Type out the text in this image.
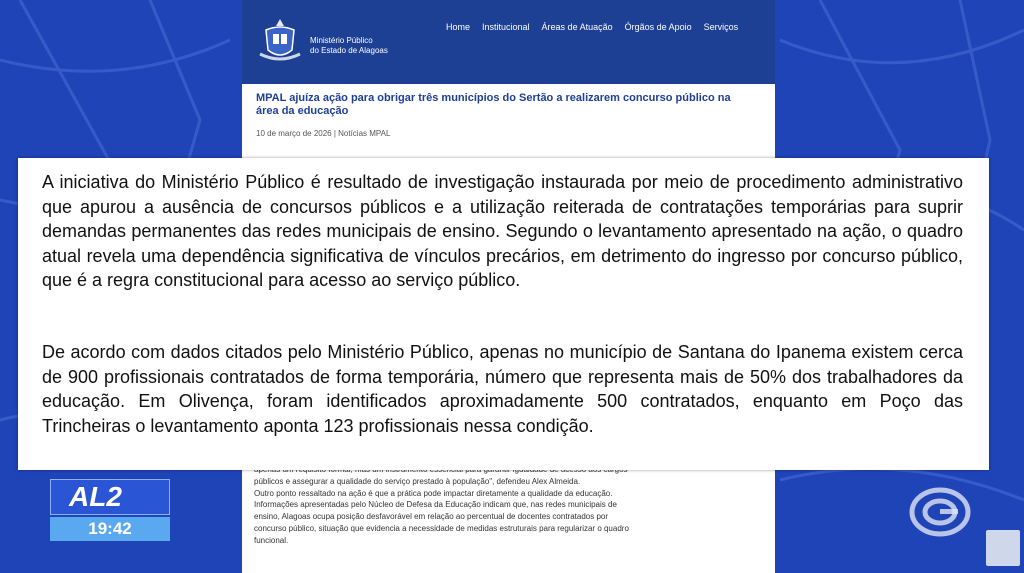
Ministério Público
do Estado de Alagoas
Home Institucional Áreas de Atuação Órgãos de Apoio Serviços
MPAL ajuíza ação para obrigar três municípios do Sertão a realizarem concurso público na área da educação
10 de março de 2026 | Notícias MPAL

públicos e assegurar a qualidade do serviço prestado à população", defendeu Alex Almeida.

Outro ponto ressaltado na ação é que a prática pode impactar diretamente a qualidade da educação.

Informações apresentadas pelo Núcleo de Defesa da Educação indicam que, nas redes municipais de

ensino, Alagoas ocupa posição desfavorável em relação ao percentual de docentes contratados por

concurso público, situação que evidencia a necessidade de medidas estruturais para regularizar o quadro

funcional.

A iniciativa do Ministério Público é resultado de investigação instaurada por meio de procedimento administrativo que apurou a ausência de concursos públicos e a utilização reiterada de contratações temporárias para suprir demandas permanentes das redes municipais de ensino. Segundo o levantamento apresentado na ação, o quadro atual revela uma dependência significativa de vínculos precários, em detrimento do ingresso por concurso público, que é a regra constitucional para acesso ao serviço público.

De acordo com dados citados pelo Ministério Público, apenas no município de Santana do Ipanema existem cerca de 900 profissionais contratados de forma temporária, número que representa mais de 50% dos trabalhadores da educação. Em Olivença, foram identificados aproximadamente 500 contratados, enquanto em Poço das Trincheiras o levantamento aponta 123 profissionais nessa condição.

AL2
19:42
